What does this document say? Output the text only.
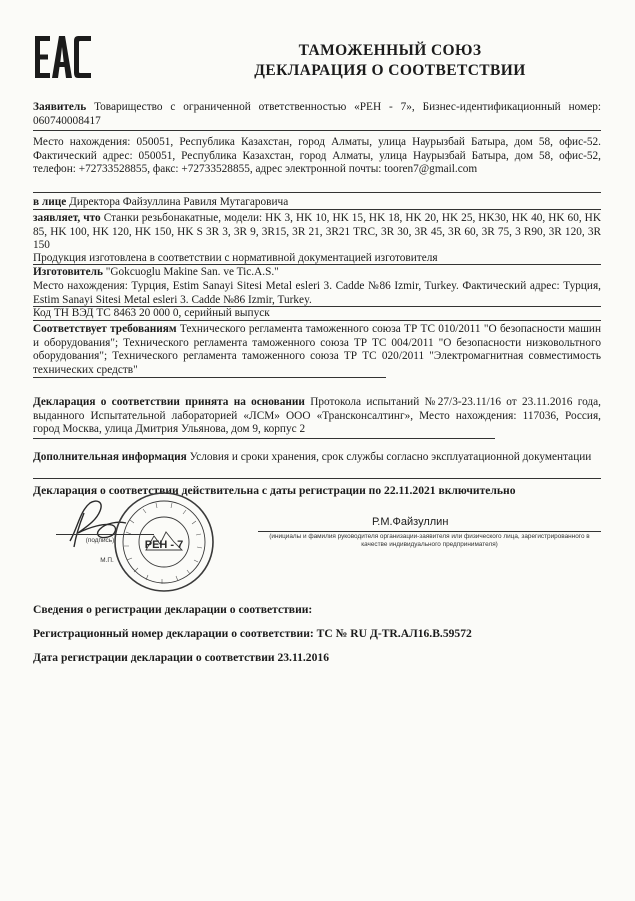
ТАМОЖЕННЫЙ СОЮЗ
ДЕКЛАРАЦИЯ О СООТВЕТСТВИИ
Заявитель Товарищество с ограниченной ответственностью «РЕН - 7», Бизнес-идентификационный номер: 060740008417
Место нахождения: 050051, Республика Казахстан, город Алматы, улица Наурызбай Батыра, дом 58, офис-52. Фактический адрес: 050051, Республика Казахстан, город Алматы, улица Наурызбай Батыра, дом 58, офис-52, телефон: +72733528855, факс: +72733528855, адрес электронной почты: tooren7@gmail.com
в лице Директора Файзуллина Равиля Мутагаровича
заявляет, что Станки резьбонакатные, модели: HK 3, HK 10, HK 15, HK 18, HK 20, HK 25, HK30, HK 40, HK 60, HK 85, HK 100, HK 120, HK 150, HK S 3R 3, 3R 9, 3R15, 3R 21, 3R21 TRC, 3R 30, 3R 45, 3R 60, 3R 75, 3 R90, 3R 120, 3R 150
Продукция изготовлена в соответствии с нормативной документацией изготовителя
Изготовитель "Gokcuoglu Makine San. ve Tic.A.S."
Место нахождения: Турция, Estim Sanayi Sitesi Metal esleri 3. Cadde №86 Izmir, Turkey. Фактический адрес: Турция, Estim Sanayi Sitesi Metal esleri 3. Cadde №86 Izmir, Turkey.
Код ТН ВЭД ТС 8463 20 000 0, серийный выпуск
Соответствует требованиям Технического регламента таможенного союза ТР ТС 010/2011 "О безопасности машин и оборудования"; Технического регламента таможенного союза ТР ТС 004/2011 "О безопасности низковольтного оборудования"; Технического регламента таможенного союза ТР ТС 020/2011 "Электромагнитная совместимость технических средств"
Декларация о соответствии принята на основании Протокола испытаний №27/3-23.11/16 от 23.11.2016 года, выданного Испытательной лабораторией «ЛСМ» ООО «Трансконсалтинг», Место нахождения: 117036, Россия, город Москва, улица Дмитрия Ульянова, дом 9, корпус 2
Дополнительная информация Условия и сроки хранения, срок службы согласно эксплуатационной документации
Декларация о соответствии действительна с даты регистрации по 22.11.2021 включительно
(подпись)
М.П.
РЕН - 7
Р.М.Файзуллин
(инициалы и фамилия руководителя организации-заявителя или физического лица, зарегистрированного в качестве индивидуального предпринимателя)
Сведения о регистрации декларации о соответствии:
Регистрационный номер декларации о соответствии: ТС № RU Д-TR.АЛ16.В.59572
Дата регистрации декларации о соответствии 23.11.2016
